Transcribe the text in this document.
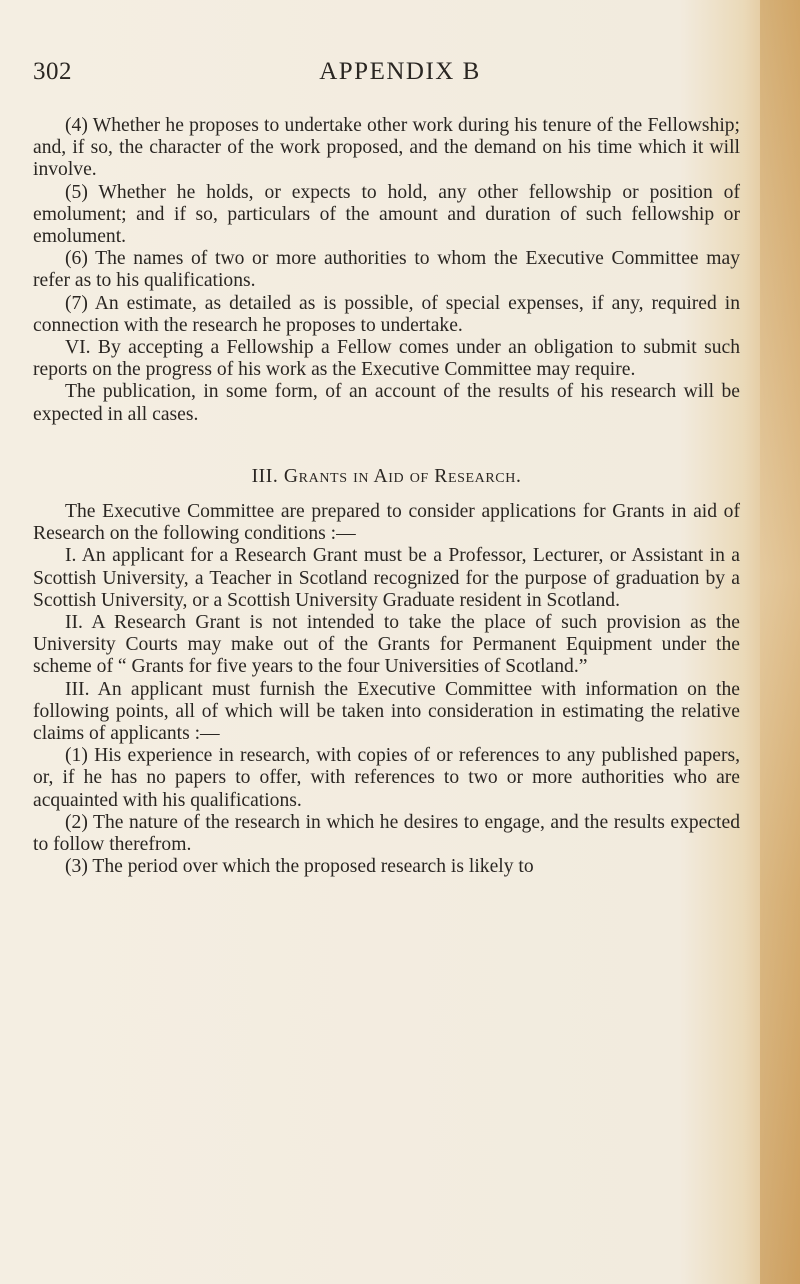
302	APPENDIX B

(4) Whether he proposes to undertake other work during his tenure of the Fellowship; and, if so, the character of the work proposed, and the demand on his time which it will involve.

(5) Whether he holds, or expects to hold, any other fellowship or position of emolument; and if so, particulars of the amount and duration of such fellowship or emolument.

(6) The names of two or more authorities to whom the Executive Committee may refer as to his qualifications.

(7) An estimate, as detailed as is possible, of special expenses, if any, required in connection with the research he proposes to undertake.

VI. By accepting a Fellowship a Fellow comes under an obligation to submit such reports on the progress of his work as the Executive Committee may require.

The publication, in some form, of an account of the results of his research will be expected in all cases.

III. Grants in Aid of Research.

The Executive Committee are prepared to consider applications for Grants in aid of Research on the following conditions :—

I. An applicant for a Research Grant must be a Professor, Lecturer, or Assistant in a Scottish University, a Teacher in Scotland recognized for the purpose of graduation by a Scottish University, or a Scottish University Graduate resident in Scotland.

II. A Research Grant is not intended to take the place of such provision as the University Courts may make out of the Grants for Permanent Equipment under the scheme of “ Grants for five years to the four Universities of Scotland.”

III. An applicant must furnish the Executive Committee with information on the following points, all of which will be taken into consideration in estimating the relative claims of applicants :—

(1) His experience in research, with copies of or references to any published papers, or, if he has no papers to offer, with references to two or more authorities who are acquainted with his qualifications.

(2) The nature of the research in which he desires to engage, and the results expected to follow therefrom.

(3) The period over which the proposed research is likely to
